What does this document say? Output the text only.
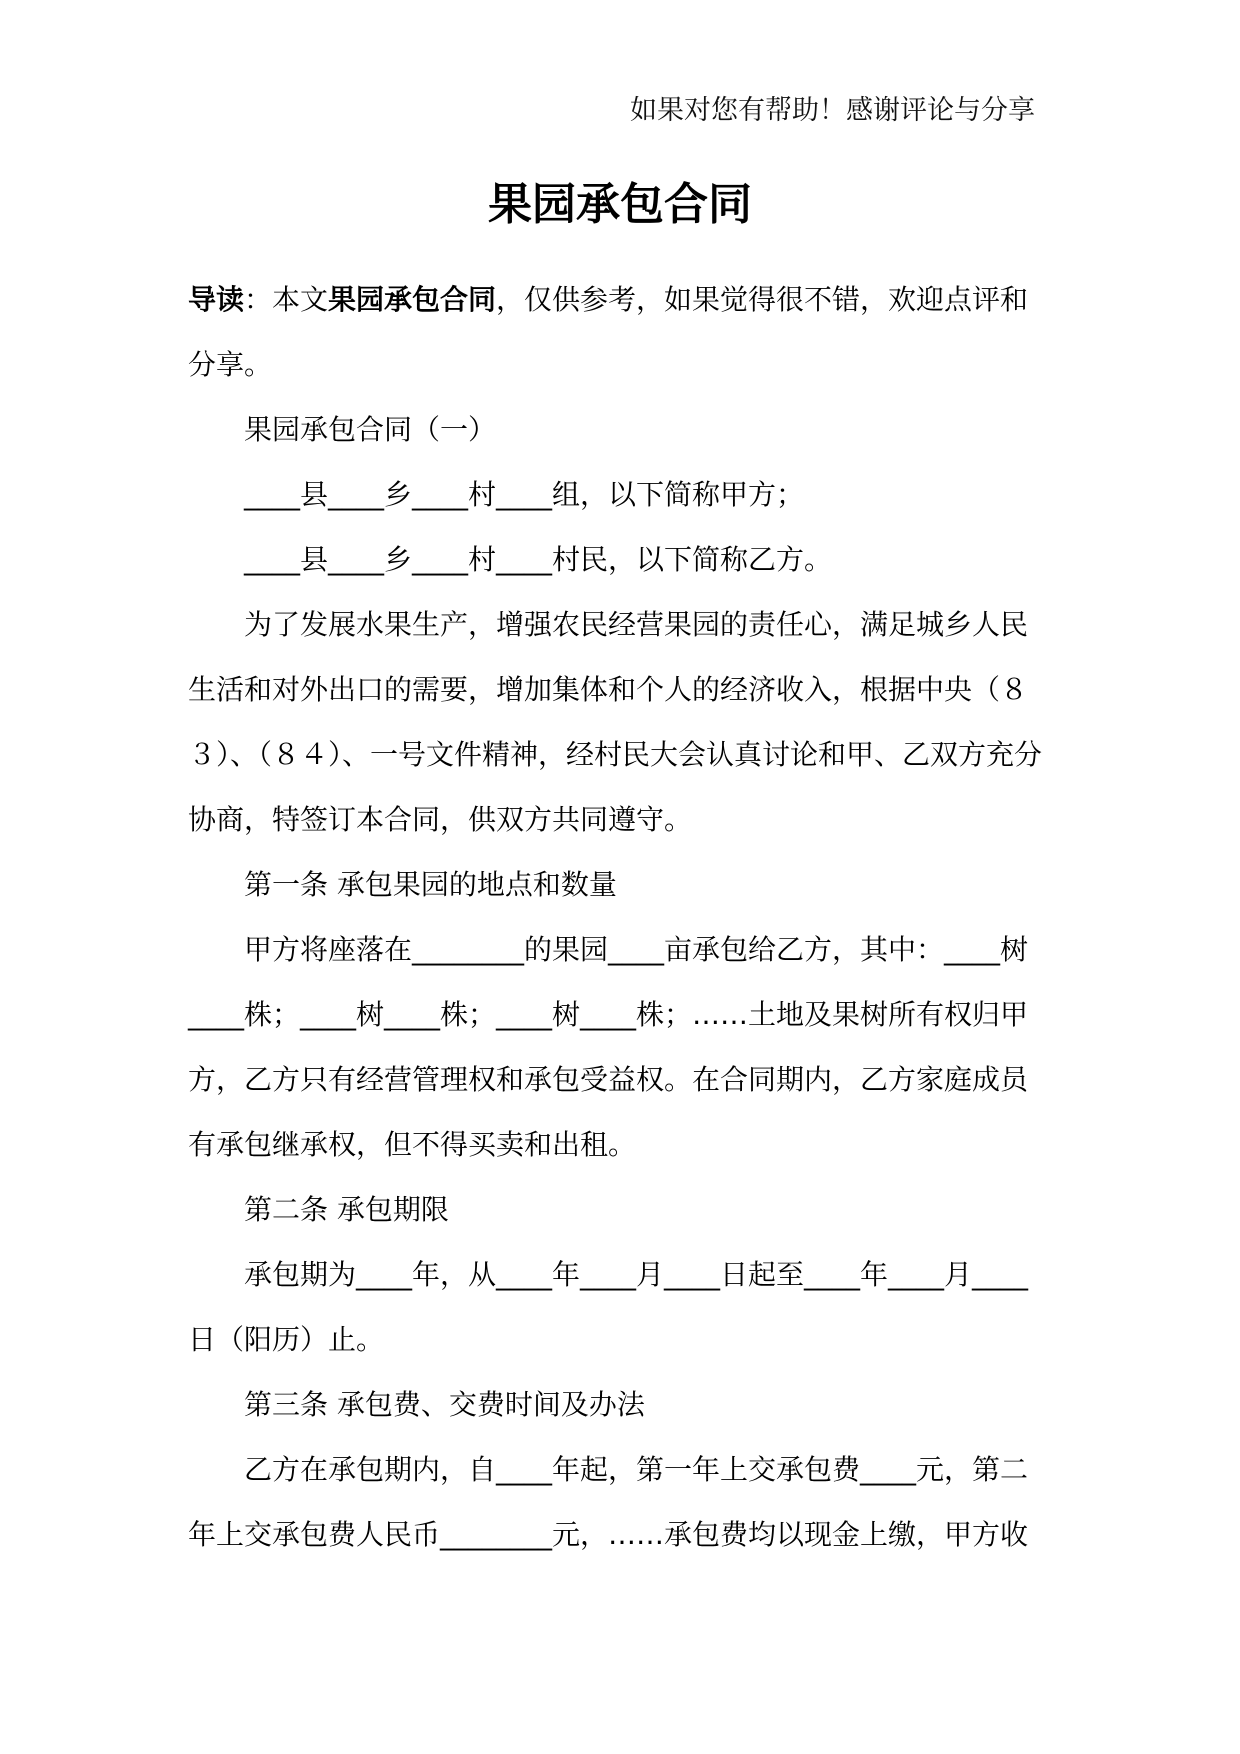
如果对您有帮助！感谢评论与分享
果园承包合同

导读：本文果园承包合同，仅供参考，如果觉得很不错，欢迎点评和分享。

果园承包合同（一）

____县____乡____村____组，以下简称甲方；

____县____乡____村____村民，以下简称乙方。

为了发展水果生产，增强农民经营果园的责任心，满足城乡人民生活和对外出口的需要，增加集体和个人的经济收入，根据中央（８３）、（８４）、一号文件精神，经村民大会认真讨论和甲、乙双方充分协商，特签订本合同，供双方共同遵守。

第一条 承包果园的地点和数量

甲方将座落在________的果园____亩承包给乙方，其中：____树____株；____树____株；____树____株；……土地及果树所有权归甲方，乙方只有经营管理权和承包受益权。在合同期内，乙方家庭成员有承包继承权，但不得买卖和出租。

第二条 承包期限

承包期为____年，从____年____月____日起至____年____月____日（阳历）止。

第三条 承包费、交费时间及办法

乙方在承包期内，自____年起，第一年上交承包费____元，第二年上交承包费人民币________元，……承包费均以现金上缴，甲方收
